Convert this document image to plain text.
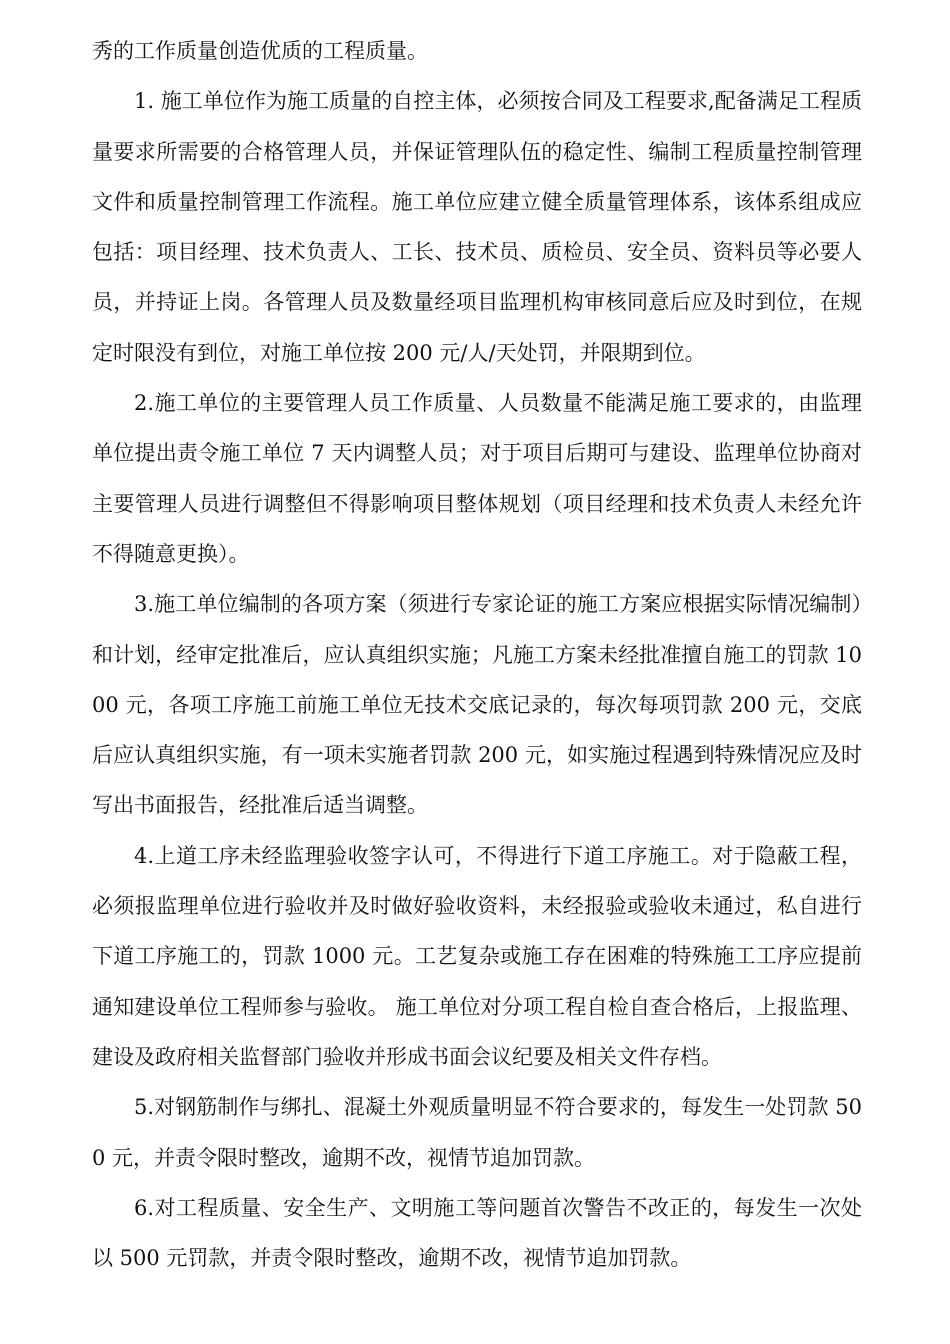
秀的工作质量创造优质的工程质量。

1. 施工单位作为施工质量的自控主体，必须按合同及工程要求,配备满足工程质量要求所需要的合格管理人员，并保证管理队伍的稳定性、编制工程质量控制管理文件和质量控制管理工作流程。施工单位应建立健全质量管理体系，该体系组成应包括：项目经理、技术负责人、工长、技术员、质检员、安全员、资料员等必要人员，并持证上岗。各管理人员及数量经项目监理机构审核同意后应及时到位，在规定时限没有到位，对施工单位按 200 元/人/天处罚，并限期到位。

2.施工单位的主要管理人员工作质量、人员数量不能满足施工要求的，由监理单位提出责令施工单位 7 天内调整人员；对于项目后期可与建设、监理单位协商对主要管理人员进行调整但不得影响项目整体规划（项目经理和技术负责人未经允许不得随意更换）。

3.施工单位编制的各项方案（须进行专家论证的施工方案应根据实际情况编制）和计划，经审定批准后，应认真组织实施；凡施工方案未经批准擅自施工的罚款 1000 元，各项工序施工前施工单位无技术交底记录的，每次每项罚款 200 元，交底后应认真组织实施，有一项未实施者罚款 200 元，如实施过程遇到特殊情况应及时写出书面报告，经批准后适当调整。

4.上道工序未经监理验收签字认可，不得进行下道工序施工。对于隐蔽工程，必须报监理单位进行验收并及时做好验收资料，未经报验或验收未通过，私自进行下道工序施工的，罚款 1000 元。工艺复杂或施工存在困难的特殊施工工序应提前通知建设单位工程师参与验收。 施工单位对分项工程自检自查合格后，上报监理、建设及政府相关监督部门验收并形成书面会议纪要及相关文件存档。

5.对钢筋制作与绑扎、混凝土外观质量明显不符合要求的，每发生一处罚款 500 元，并责令限时整改，逾期不改，视情节追加罚款。

6.对工程质量、安全生产、文明施工等问题首次警告不改正的，每发生一次处以 500 元罚款，并责令限时整改，逾期不改，视情节追加罚款。
